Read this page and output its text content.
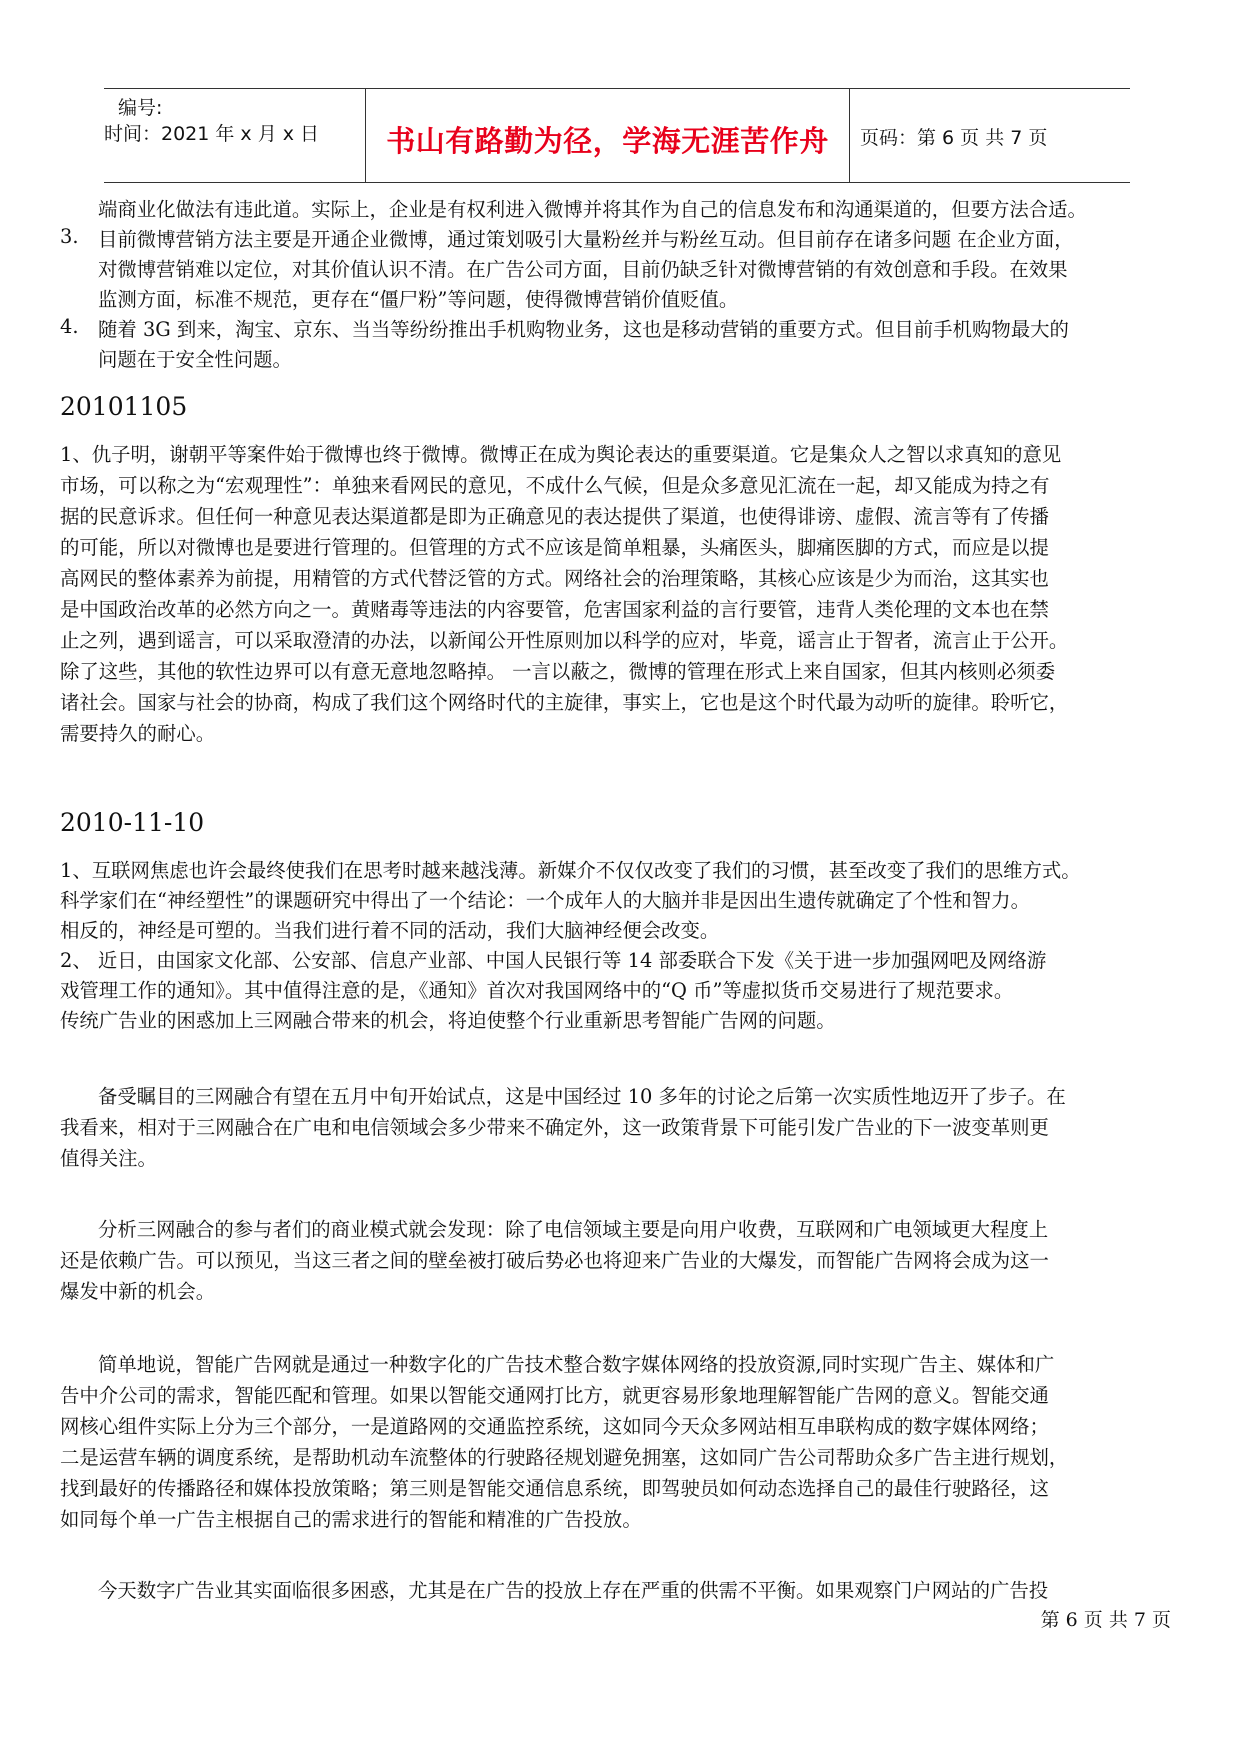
编号:
时间：2021 年 x 月 x 日	书山有路勤为径，学海无涯苦作舟	页码：第 6 页 共 7 页
端商业化做法有违此道。实际上，企业是有权利进入微博并将其作为自己的信息发布和沟通渠道的，但要方法合适。
3. 目前微博营销方法主要是开通企业微博，通过策划吸引大量粉丝并与粉丝互动。但目前存在诸多问题 在企业方面，
对微博营销难以定位，对其价值认识不清。在广告公司方面，目前仍缺乏针对微博营销的有效创意和手段。在效果
监测方面，标准不规范，更存在“僵尸粉”等问题，使得微博营销价值贬值。
4. 随着 3G 到来，淘宝、京东、当当等纷纷推出手机购物业务，这也是移动营销的重要方式。但目前手机购物最大的
问题在于安全性问题。
20101105
1、仇子明，谢朝平等案件始于微博也终于微博。微博正在成为舆论表达的重要渠道。它是集众人之智以求真知的意见
市场，可以称之为“宏观理性”：单独来看网民的意见，不成什么气候，但是众多意见汇流在一起，却又能成为持之有
据的民意诉求。但任何一种意见表达渠道都是即为正确意见的表达提供了渠道，也使得诽谤、虚假、流言等有了传播
的可能，所以对微博也是要进行管理的。但管理的方式不应该是简单粗暴，头痛医头，脚痛医脚的方式，而应是以提
高网民的整体素养为前提，用精管的方式代替泛管的方式。网络社会的治理策略，其核心应该是少为而治，这其实也
是中国政治改革的必然方向之一。黄赌毒等违法的内容要管，危害国家利益的言行要管，违背人类伦理的文本也在禁
止之列，遇到谣言，可以采取澄清的办法，以新闻公开性原则加以科学的应对，毕竟，谣言止于智者，流言止于公开。
除了这些，其他的软性边界可以有意无意地忽略掉。 一言以蔽之，微博的管理在形式上来自国家，但其内核则必须委
诸社会。国家与社会的协商，构成了我们这个网络时代的主旋律，事实上，它也是这个时代最为动听的旋律。聆听它，
需要持久的耐心。
2010-11-10
1、互联网焦虑也许会最终使我们在思考时越来越浅薄。新媒介不仅仅改变了我们的习惯，甚至改变了我们的思维方式。
科学家们在“神经塑性”的课题研究中得出了一个结论：一个成年人的大脑并非是因出生遗传就确定了个性和智力。
相反的，神经是可塑的。当我们进行着不同的活动，我们大脑神经便会改变。
2、 近日，由国家文化部、公安部、信息产业部、中国人民银行等 14 部委联合下发《关于进一步加强网吧及网络游
戏管理工作的通知》。其中值得注意的是，《通知》首次对我国网络中的“Q 币”等虚拟货币交易进行了规范要求。
传统广告业的困惑加上三网融合带来的机会，将迫使整个行业重新思考智能广告网的问题。
备受瞩目的三网融合有望在五月中旬开始试点，这是中国经过 10 多年的讨论之后第一次实质性地迈开了步子。在
我看来，相对于三网融合在广电和电信领域会多少带来不确定外，这一政策背景下可能引发广告业的下一波变革则更
值得关注。
分析三网融合的参与者们的商业模式就会发现：除了电信领域主要是向用户收费，互联网和广电领域更大程度上
还是依赖广告。可以预见，当这三者之间的壁垒被打破后势必也将迎来广告业的大爆发，而智能广告网将会成为这一
爆发中新的机会。
简单地说，智能广告网就是通过一种数字化的广告技术整合数字媒体网络的投放资源,同时实现广告主、媒体和广
告中介公司的需求，智能匹配和管理。如果以智能交通网打比方，就更容易形象地理解智能广告网的意义。智能交通
网核心组件实际上分为三个部分，一是道路网的交通监控系统，这如同今天众多网站相互串联构成的数字媒体网络；
二是运营车辆的调度系统，是帮助机动车流整体的行驶路径规划避免拥塞，这如同广告公司帮助众多广告主进行规划，
找到最好的传播路径和媒体投放策略；第三则是智能交通信息系统，即驾驶员如何动态选择自己的最佳行驶路径，这
如同每个单一广告主根据自己的需求进行的智能和精准的广告投放。
今天数字广告业其实面临很多困惑，尤其是在广告的投放上存在严重的供需不平衡。如果观察门户网站的广告投
第 6 页 共 7 页
